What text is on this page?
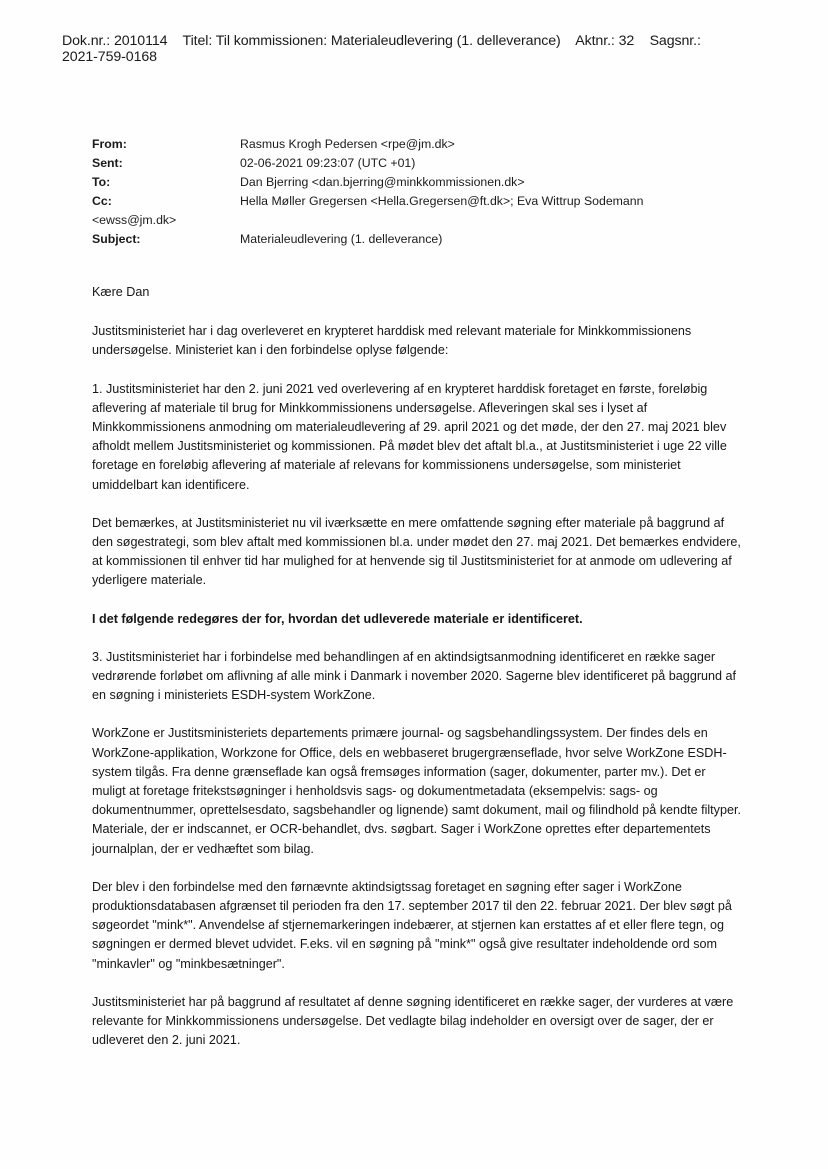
Dok.nr.: 2010114 Titel: Til kommissionen: Materialeudlevering (1. delleverance) Aktnr.: 32 Sagsnr.:
2021-759-0168
From:	Rasmus Krogh Pedersen <rpe@jm.dk>
Sent:	02-06-2021 09:23:07 (UTC +01)
To:	Dan Bjerring <dan.bjerring@minkkommissionen.dk>
Cc:	Hella Møller Gregersen <Hella.Gregersen@ft.dk>; Eva Wittrup Sodemann
<ewss@jm.dk>
Subject:	Materialeudlevering (1. delleverance)

Kære Dan

Justitsministeriet har i dag overleveret en krypteret harddisk med relevant materiale for Minkkommissionens undersøgelse. Ministeriet kan i den forbindelse oplyse følgende:

1. Justitsministeriet har den 2. juni 2021 ved overlevering af en krypteret harddisk foretaget en første, foreløbig aflevering af materiale til brug for Minkkommissionens undersøgelse. Afleveringen skal ses i lyset af Minkkommissionens anmodning om materialeudlevering af 29. april 2021 og det møde, der den 27. maj 2021 blev afholdt mellem Justitsministeriet og kommissionen. På mødet blev det aftalt bl.a., at Justitsministeriet i uge 22 ville foretage en foreløbig aflevering af materiale af relevans for kommissionens undersøgelse, som ministeriet umiddelbart kan identificere.

Det bemærkes, at Justitsministeriet nu vil iværksætte en mere omfattende søgning efter materiale på baggrund af den søgestrategi, som blev aftalt med kommissionen bl.a. under mødet den 27. maj 2021. Det bemærkes endvidere, at kommissionen til enhver tid har mulighed for at henvende sig til Justitsministeriet for at anmode om udlevering af yderligere materiale.

I det følgende redegøres der for, hvordan det udleverede materiale er identificeret.

3. Justitsministeriet har i forbindelse med behandlingen af en aktindsigtsanmodning identificeret en række sager vedrørende forløbet om aflivning af alle mink i Danmark i november 2020. Sagerne blev identificeret på baggrund af en søgning i ministeriets ESDH-system WorkZone.

WorkZone er Justitsministeriets departements primære journal- og sagsbehandlingssystem. Der findes dels en WorkZone-applikation, Workzone for Office, dels en webbaseret brugergrænseflade, hvor selve WorkZone ESDH-system tilgås. Fra denne grænseflade kan også fremsøges information (sager, dokumenter, parter mv.). Det er muligt at foretage fritekstsøgninger i henholdsvis sags- og dokumentmetadata (eksempelvis: sags- og dokumentnummer, oprettelsesdato, sagsbehandler og lignende) samt dokument, mail og filindhold på kendte filtyper. Materiale, der er indscannet, er OCR-behandlet, dvs. søgbart. Sager i WorkZone oprettes efter departementets journalplan, der er vedhæftet som bilag.

Der blev i den forbindelse med den førnævnte aktindsigtssag foretaget en søgning efter sager i WorkZone produktionsdatabasen afgrænset til perioden fra den 17. september 2017 til den 22. februar 2021. Der blev søgt på søgeordet "mink*". Anvendelse af stjernemarkeringen indebærer, at stjernen kan erstattes af et eller flere tegn, og søgningen er dermed blevet udvidet. F.eks. vil en søgning på "mink*" også give resultater indeholdende ord som "minkavler" og "minkbesætninger".

Justitsministeriet har på baggrund af resultatet af denne søgning identificeret en række sager, der vurderes at være relevante for Minkkommissionens undersøgelse. Det vedlagte bilag indeholder en oversigt over de sager, der er udleveret den 2. juni 2021.
